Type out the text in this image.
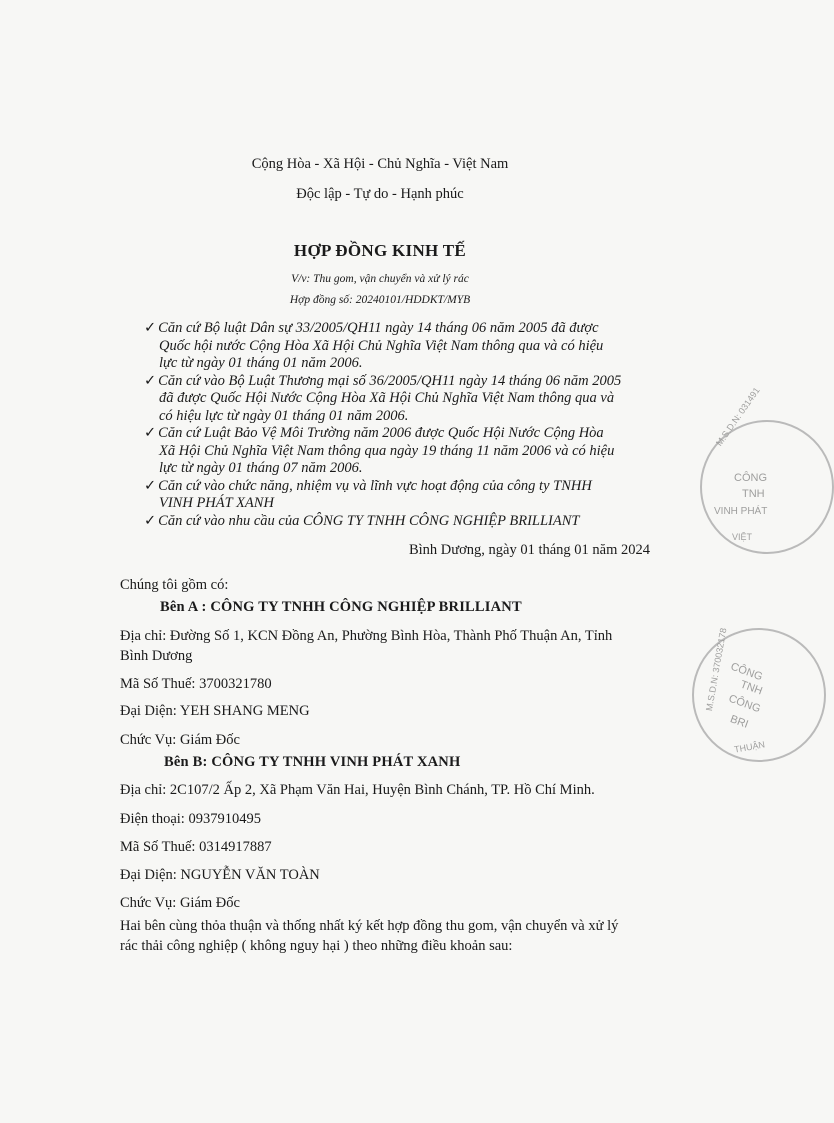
Cộng Hòa - Xã Hội - Chủ Nghĩa - Việt Nam
Độc lập - Tự do - Hạnh phúc
HỢP ĐỒNG KINH TẾ
V/v: Thu gom, vận chuyển và xử lý rác
Hợp đồng số: 20240101/HDDKT/MYB
✓ Căn cứ Bộ luật Dân sự 33/2005/QH11 ngày 14 tháng 06 năm 2005 đã được
Quốc hội nước Cộng Hòa Xã Hội Chủ Nghĩa Việt Nam thông qua và có hiệu
lực từ ngày 01 tháng 01 năm 2006.
✓ Căn cứ vào Bộ Luật Thương mại số 36/2005/QH11 ngày 14 tháng 06 năm 2005
đã được Quốc Hội Nước Cộng Hòa Xã Hội Chủ Nghĩa Việt Nam thông qua và
có hiệu lực từ ngày 01 tháng 01 năm 2006.
✓ Căn cứ Luật Bảo Vệ Môi Trường năm 2006 được Quốc Hội Nước Cộng Hòa
Xã Hội Chủ Nghĩa Việt Nam thông qua ngày 19 tháng 11 năm 2006 và có hiệu
lực từ ngày 01 tháng 07 năm 2006.
✓ Căn cứ vào chức năng, nhiệm vụ và lĩnh vực hoạt động của công ty TNHH
VINH PHÁT XANH
✓ Căn cứ vào nhu cầu của CÔNG TY TNHH CÔNG NGHIỆP BRILLIANT
Bình Dương, ngày 01 tháng 01 năm 2024
Chúng tôi gồm có:
Bên A : CÔNG TY TNHH CÔNG NGHIỆP BRILLIANT
Địa chỉ: Đường Số 1, KCN Đồng An, Phường Bình Hòa, Thành Phố Thuận An, Tỉnh
Bình Dương
Mã Số Thuế: 3700321780
Đại Diện: YEH SHANG MENG
Chức Vụ: Giám Đốc
Bên B: CÔNG TY TNHH VINH PHÁT XANH
Địa chỉ: 2C107/2 Ấp 2, Xã Phạm Văn Hai, Huyện Bình Chánh, TP. Hồ Chí Minh.
Điện thoại: 0937910495
Mã Số Thuế: 0314917887
Đại Diện: NGUYỄN VĂN TOÀN
Chức Vụ: Giám Đốc
Hai bên cùng thỏa thuận và thống nhất ký kết hợp đồng thu gom, vận chuyển và xử lý
rác thải công nghiệp ( không nguy hại ) theo những điều khoản sau:
M.S.D.N: 031491
CÔNG
TNH
VINH PHÁT
VIỆT
M.S.D.N: 370032178 CÔNG
TNH
CÔNG
BRI
THUẬN
